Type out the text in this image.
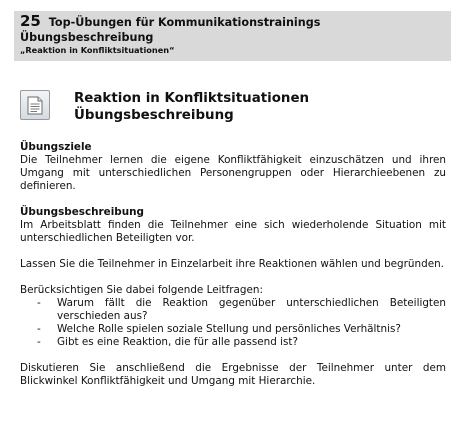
25 Top-Übungen für Kommunikationstrainings
Übungsbeschreibung
„Reaktion in Konfliktsituationen“
Reaktion in Konfliktsituationen
Übungsbeschreibung
Übungsziele

Die Teilnehmer lernen die eigene Konfliktfähigkeit einzuschätzen und ihren Umgang mit unterschiedlichen Personengruppen oder Hierarchieebenen zu definieren.

Übungsbeschreibung

Im Arbeitsblatt finden die Teilnehmer eine sich wiederholende Situation mit unterschiedlichen Beteiligten vor.

Lassen Sie die Teilnehmer in Einzelarbeit ihre Reaktionen wählen und begründen.

Berücksichtigen Sie dabei folgende Leitfragen:

- Warum fällt die Reaktion gegenüber unterschiedlichen Beteiligten verschieden aus?
- Welche Rolle spielen soziale Stellung und persönliches Verhältnis?
- Gibt es eine Reaktion, die für alle passend ist?

Diskutieren Sie anschließend die Ergebnisse der Teilnehmer unter dem Blickwinkel Konfliktfähigkeit und Umgang mit Hierarchie.
